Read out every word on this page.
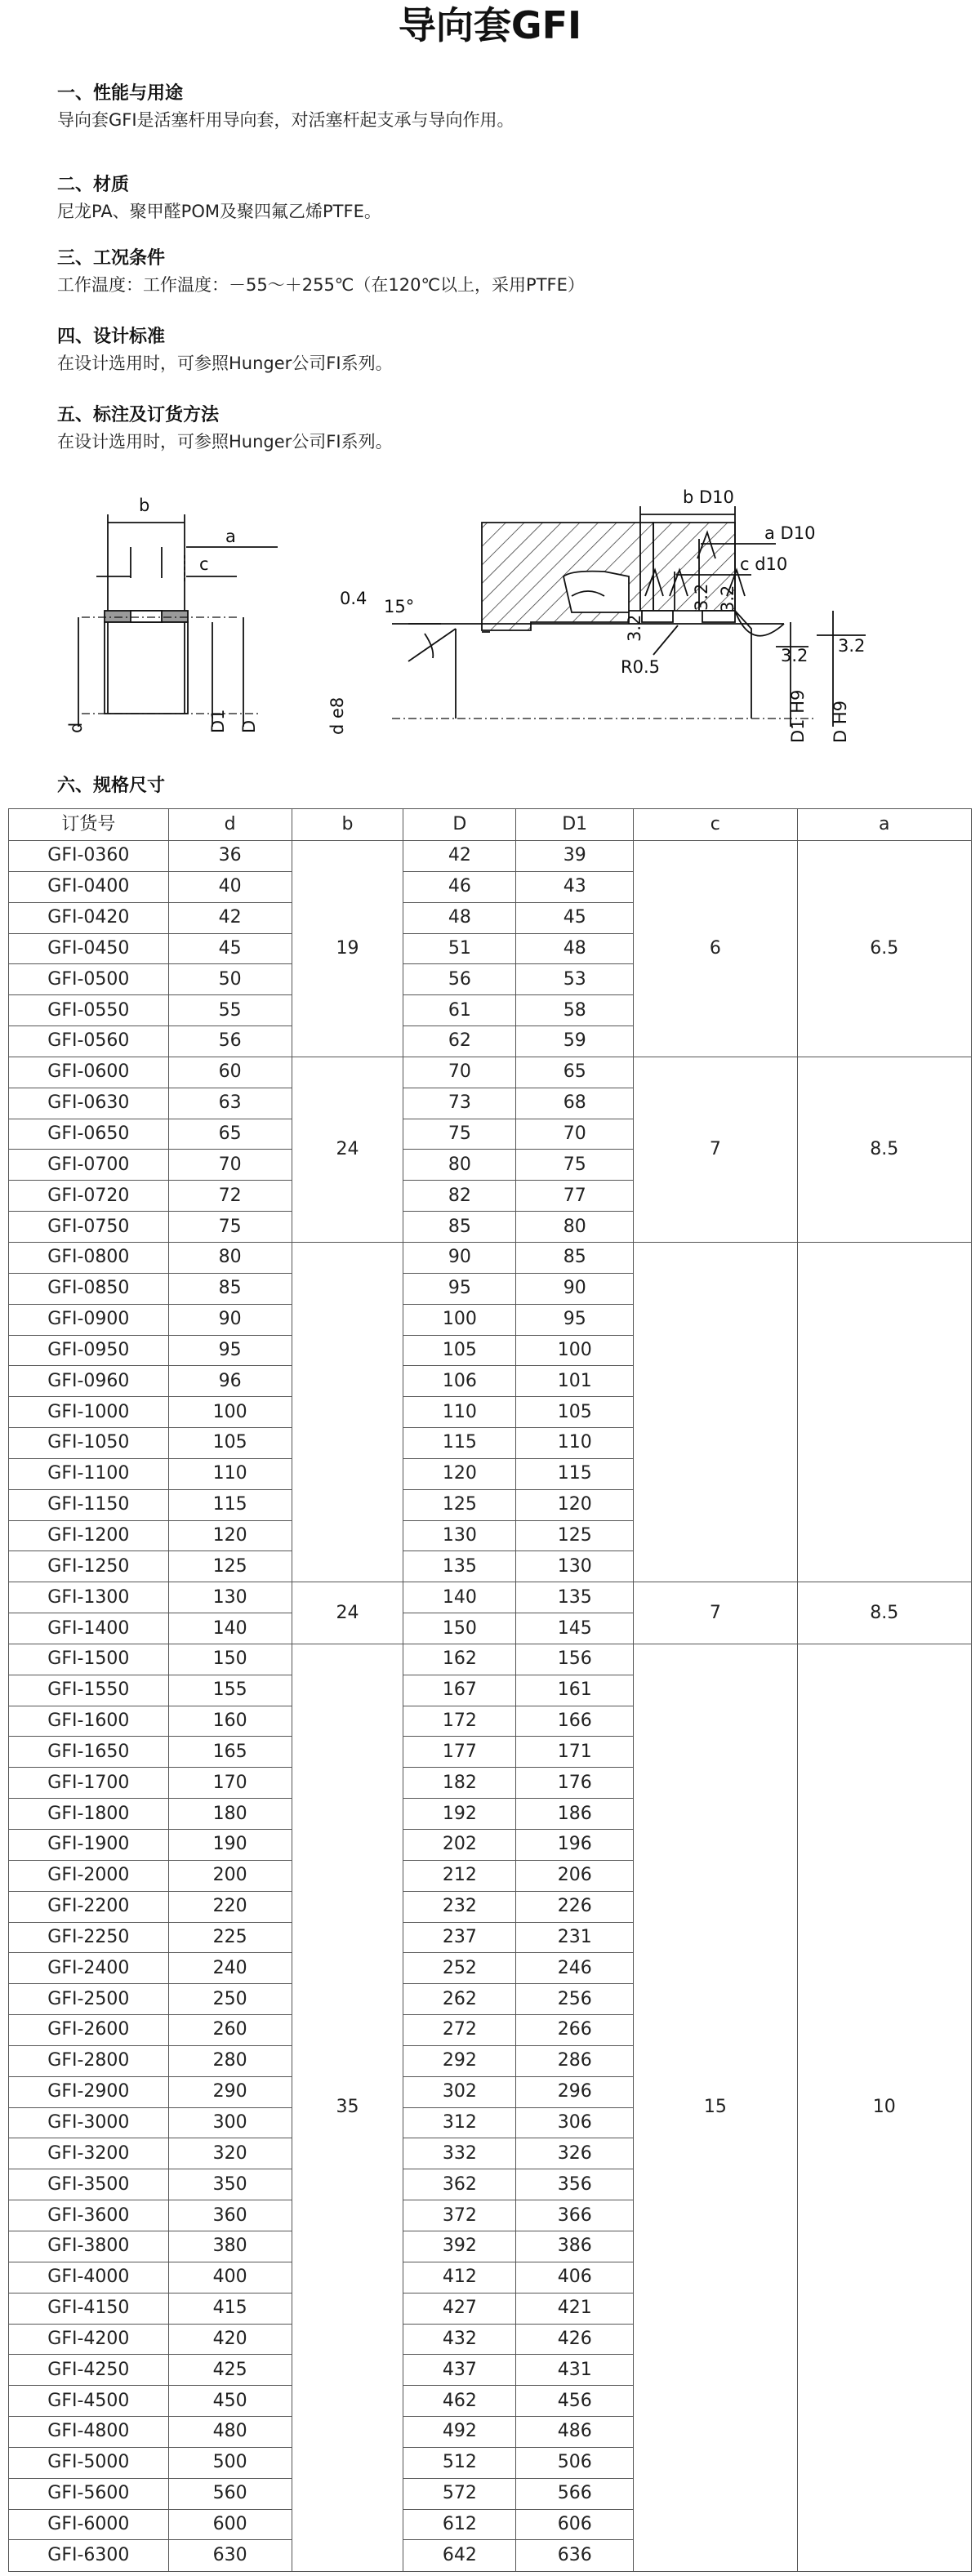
导向套GFI
一、性能与用途

导向套GFI是活塞杆用导向套，对活塞杆起支承与导向作用。

二、材质

尼龙PA、聚甲醛POM及聚四氟乙烯PTFE。

三、工况条件

工作温度：工作温度：－55～＋255℃（在120℃以上，采用PTFE）

四、设计标准

在设计选用时，可参照Hunger公司FI系列。

五、标注及订货方法

在设计选用时，可参照Hunger公司FI系列。

b
a
c
d	D1 D
0.4 15°
d e8
b D10
a D10
c d10
3.2
3.2 3.2
3.2 3.2
R0.5
D1 H9 D H9
六、规格尺寸
订货号	d	b	D	D1	c	a
GFI-0360	36	19	42	39	6	6.5
GFI-0400	40		46	43		
GFI-0420	42		48	45		
GFI-0450	45		51	48		
GFI-0500	50		56	53		
GFI-0550	55		61	58		
GFI-0560	56		62	59		
GFI-0600	60	24	70	65	7	8.5
GFI-0630	63		73	68		
GFI-0650	65		75	70		
GFI-0700	70		80	75		
GFI-0720	72		82	77		
GFI-0750	75		85	80		
GFI-0800	80		90	85		
GFI-0850	85		95	90		
GFI-0900	90		100	95		
GFI-0950	95		105	100		
GFI-0960	96		106	101		
GFI-1000	100		110	105		
GFI-1050	105		115	110		
GFI-1100	110		120	115		
GFI-1150	115		125	120		
GFI-1200	120		130	125		
GFI-1250	125		135	130		
GFI-1300	130	24	140	135	7	8.5
GFI-1400	140		150	145		
GFI-1500	150	35	162	156	15	10
GFI-1550	155		167	161		
GFI-1600	160		172	166		
GFI-1650	165		177	171		
GFI-1700	170		182	176		
GFI-1800	180		192	186		
GFI-1900	190		202	196		
GFI-2000	200		212	206		
GFI-2200	220		232	226		
GFI-2250	225		237	231		
GFI-2400	240		252	246		
GFI-2500	250		262	256		
GFI-2600	260		272	266		
GFI-2800	280		292	286		
GFI-2900	290		302	296		
GFI-3000	300		312	306		
GFI-3200	320		332	326		
GFI-3500	350		362	356		
GFI-3600	360		372	366		
GFI-3800	380		392	386		
GFI-4000	400		412	406		
GFI-4150	415		427	421		
GFI-4200	420		432	426		
GFI-4250	425		437	431		
GFI-4500	450		462	456		
GFI-4800	480		492	486		
GFI-5000	500		512	506		
GFI-5600	560		572	566		
GFI-6000	600		612	606		
GFI-6300	630		642	636		
